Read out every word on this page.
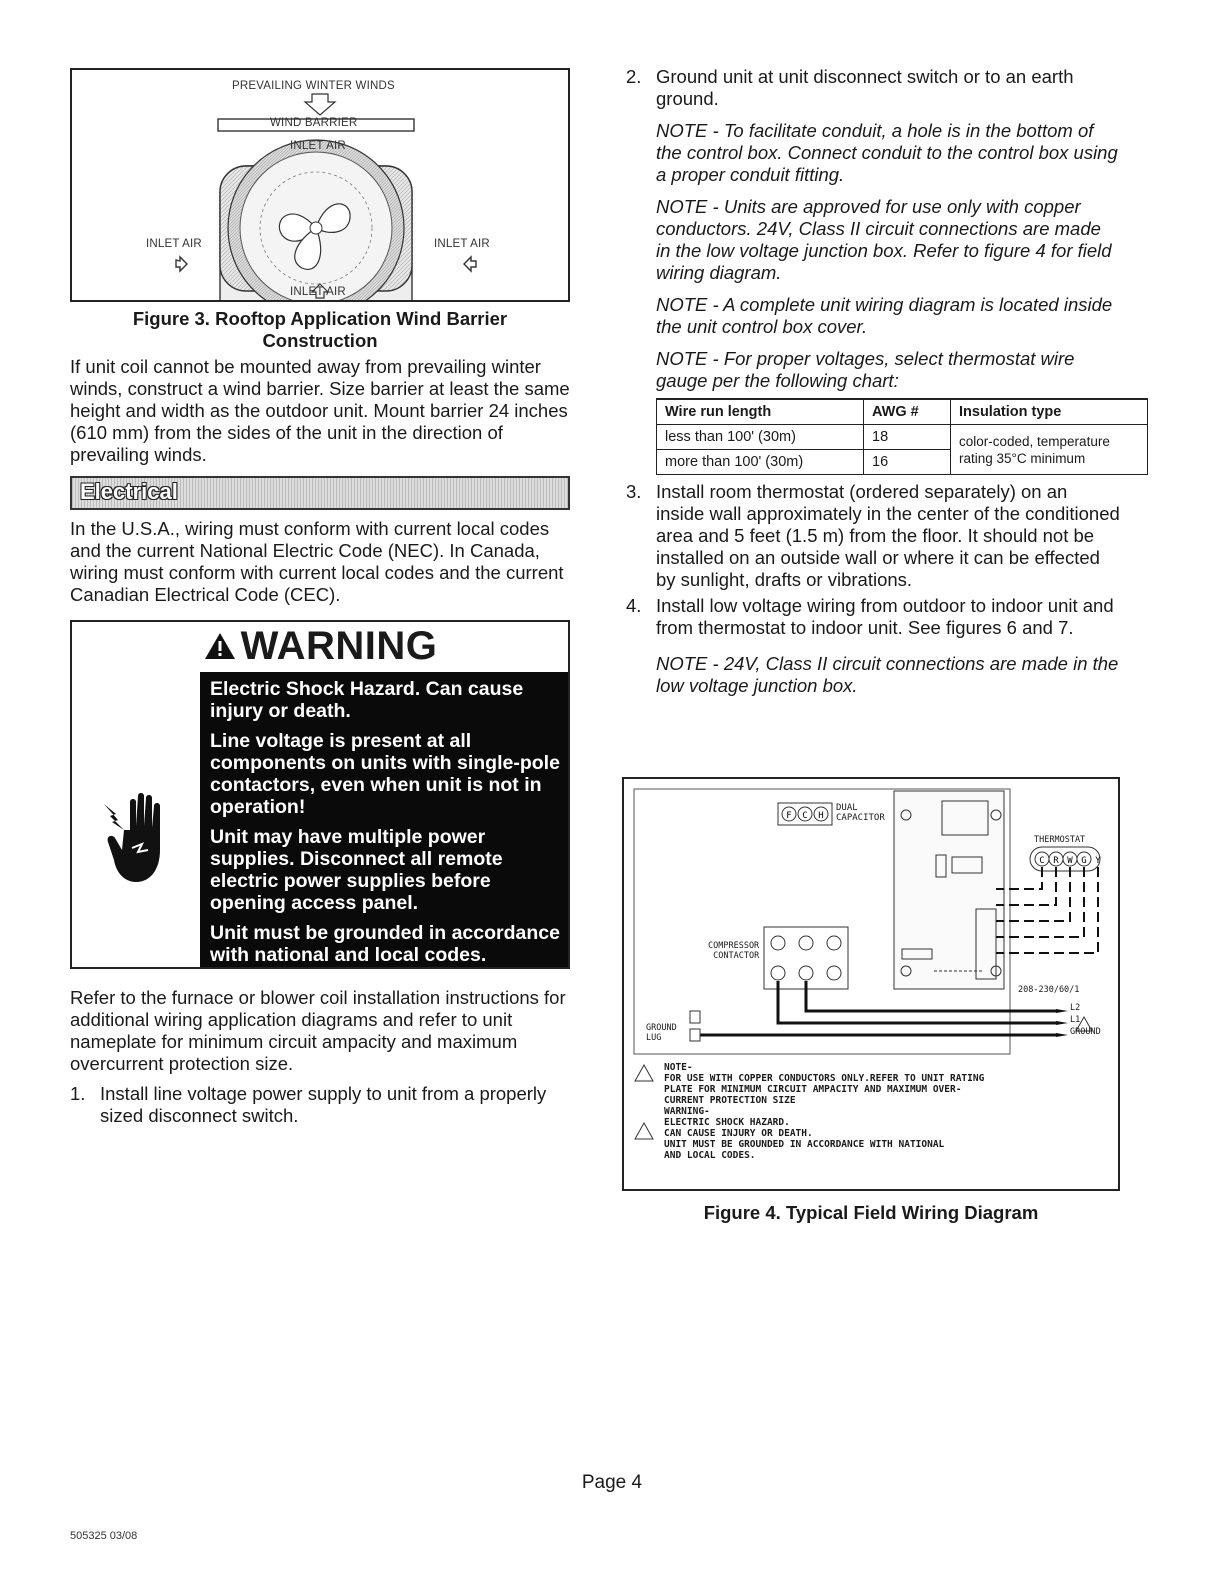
PREVAILING WINTER WINDS
WIND BARRIER
INLET AIR
INLET AIR	INLET AIR
INLET AIR

Figure 3. Rooftop Application Wind Barrier

Construction

If unit coil cannot be mounted away from prevailing winter winds, construct a wind barrier. Size barrier at least the same height and width as the outdoor unit. Mount barrier 24 inches (610 mm) from the sides of the unit in the direction of prevailing winds.

Electrical

In the U.S.A., wiring must conform with current local codes and the current National Electric Code (NEC). In Canada, wiring must conform with current local codes and the current Canadian Electrical Code (CEC).

WARNING

Electric Shock Hazard. Can cause injury or death.

Line voltage is present at all components on units with single-pole contactors, even when unit is not in operation!

Unit may have multiple power supplies. Disconnect all remote electric power supplies before opening access panel.

Unit must be grounded in accordance with national and local codes.

Refer to the furnace or blower coil installation instructions for additional wiring application diagrams and refer to unit nameplate for minimum circuit ampacity and maximum overcurrent protection size.

1. Install line voltage power supply to unit from a properly sized disconnect switch.
2. Ground unit at unit disconnect switch or to an earth ground.

NOTE - To facilitate conduit, a hole is in the bottom of the control box. Connect conduit to the control box using a proper conduit fitting.

NOTE - Units are approved for use only with copper conductors. 24V, Class II circuit connections are made in the low voltage junction box. Refer to figure 4 for field wiring diagram.

NOTE - A complete unit wiring diagram is located inside the unit control box cover.

NOTE - For proper voltages, select thermostat wire gauge per the following chart:

Wire run length	AWG #	Insulation type
less than 100' (30m)	18	color-coded, temperature
rating 35°C minimum

more than 100' (30m)	16	
3. Install room thermostat (ordered separately) on an inside wall approximately in the center of the conditioned area and 5 feet (1.5 m) from the floor. It should not be installed on an outside wall or where it can be effected by sunlight, drafts or vibrations.
4. Install low voltage wiring from outdoor to indoor unit and from thermostat to indoor unit. See figures 6 and 7.

NOTE - 24V, Class II circuit connections are made in the low voltage junction box.

C R W G Y
F C H
DUAL
CAPACITOR
THERMOSTAT
COMPRESSOR
CONTACTOR
208-230/60/1
L2
L1
GROUND
GROUND
LUG
NOTE-
FOR USE WITH COPPER CONDUCTORS ONLY.REFER TO UNIT RATING
PLATE FOR MINIMUM CIRCUIT AMPACITY AND MAXIMUM OVER-
CURRENT PROTECTION SIZE
WARNING-
ELECTRIC SHOCK HAZARD.
CAN CAUSE INJURY OR DEATH.
UNIT MUST BE GROUNDED IN ACCORDANCE WITH NATIONAL
AND LOCAL CODES.

Figure 4. Typical Field Wiring Diagram

Page 4
505325 03/08
